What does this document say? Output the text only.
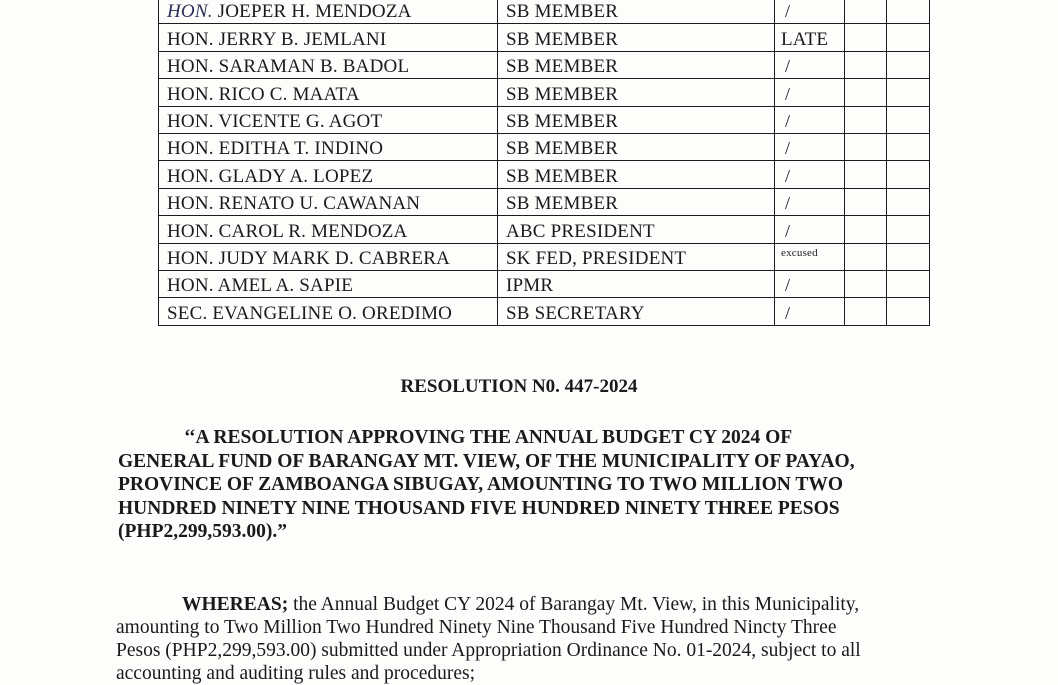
HON. JOEPER H. MENDOZA	SB MEMBER	/		
HON. JERRY B. JEMLANI	SB MEMBER	LATE		
HON. SARAMAN B. BADOL	SB MEMBER	/		
HON. RICO C. MAATA	SB MEMBER	/		
HON. VICENTE G. AGOT	SB MEMBER	/		
HON. EDITHA T. INDINO	SB MEMBER	/		
HON. GLADY A. LOPEZ	SB MEMBER	/		
HON. RENATO U. CAWANAN	SB MEMBER	/		
HON. CAROL R. MENDOZA	ABC PRESIDENT	/		
HON. JUDY MARK D. CABRERA	SK FED, PRESIDENT	$^{excused}$		
HON. AMEL A. SAPIE	IPMR	/		
SEC. EVANGELINE O. OREDIMO	SB SECRETARY	/		
RESOLUTION N0. 447-2024
‘‘A RESOLUTION APPROVING THE ANNUAL BUDGET CY 2024 OF
GENERAL FUND OF BARANGAY MT. VIEW, OF THE MUNICIPALITY OF PAYAO,
PROVINCE OF ZAMBOANGA SIBUGAY, AMOUNTING TO TWO MILLION TWO
HUNDRED NINETY NINE THOUSAND FIVE HUNDRED NINETY THREE PESOS
(PHP2,299,593.00).”
WHEREAS; the Annual Budget CY 2024 of Barangay Mt. View, in this Municipality,
amounting to Two Million Two Hundred Ninety Nine Thousand Five Hundred Nincty Three
Pesos (PHP2,299,593.00) submitted under Appropriation Ordinance No. 01-2024, subject to all
accounting and auditing rules and procedures;
